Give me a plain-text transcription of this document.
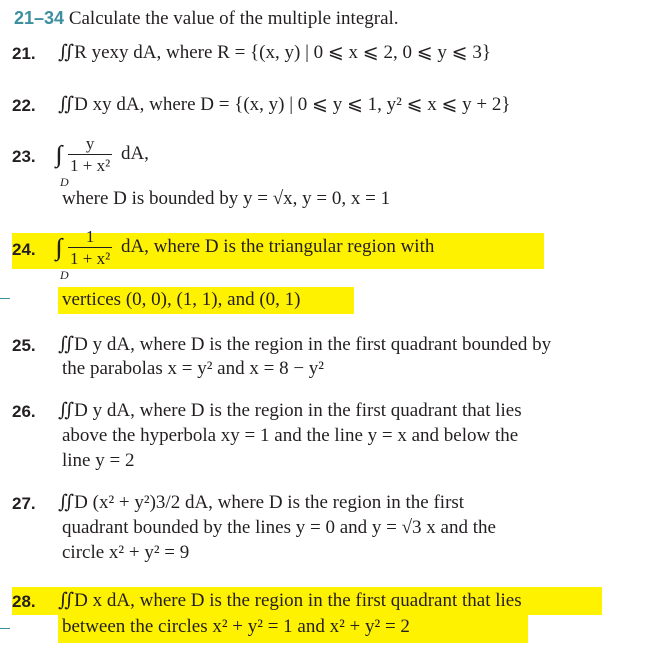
21–34 Calculate the value of the multiple integral.
21. ∬R yexy dA, where R = {(x, y) | 0 ⩽ x ⩽ 2, 0 ⩽ y ⩽ 3}
22. ∬D xy dA, where D = {(x, y) | 0 ⩽ y ⩽ 1, y² ⩽ x ⩽ y + 2}
23.
D
$\frac{y}{\text{1 + x²}}$ dA,
where D is bounded by y = √x, y = 0, x = 1
24.
D
$\frac{1}{\text{1 + x²}}$ dA, where D is the triangular region with
vertices (0, 0), (1, 1), and (0, 1)
25. ∬D y dA, where D is the region in the first quadrant bounded by
the parabolas x = y² and x = 8 − y²
26. ∬D y dA, where D is the region in the first quadrant that lies
above the hyperbola xy = 1 and the line y = x and below the
line y = 2
27. ∬D (x² + y²)3/2 dA, where D is the region in the first
quadrant bounded by the lines y = 0 and y = √3 x and the
circle x² + y² = 9
28. ∬D x dA, where D is the region in the first quadrant that lies
between the circles x² + y² = 1 and x² + y² = 2
